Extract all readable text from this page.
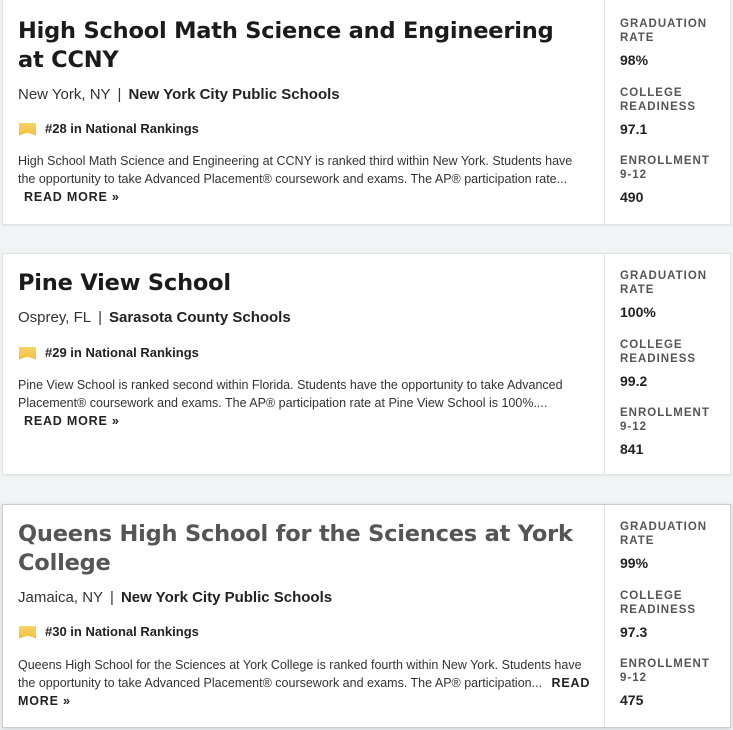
High School Math Science and Engineering at CCNY
New York, NY | New York City Public Schools
#28 in National Rankings

High School Math Science and Engineering at CCNY is ranked third within New York. Students have the opportunity to take Advanced Placement® coursework and exams. The AP® participation rate... READ MORE »

GRADUATION RATE
98%
COLLEGE READINESS
97.1
ENROLLMENT 9-12
490
Pine View School
Osprey, FL | Sarasota County Schools
#29 in National Rankings

Pine View School is ranked second within Florida. Students have the opportunity to take Advanced Placement® coursework and exams. The AP® participation rate at Pine View School is 100%.... READ MORE »

GRADUATION RATE
100%
COLLEGE READINESS
99.2
ENROLLMENT 9-12
841
Queens High School for the Sciences at York College
Jamaica, NY | New York City Public Schools
#30 in National Rankings

Queens High School for the Sciences at York College is ranked fourth within New York. Students have the opportunity to take Advanced Placement® coursework and exams. The AP® participation... READ MORE »

GRADUATION RATE
99%
COLLEGE READINESS
97.3
ENROLLMENT 9-12
475
